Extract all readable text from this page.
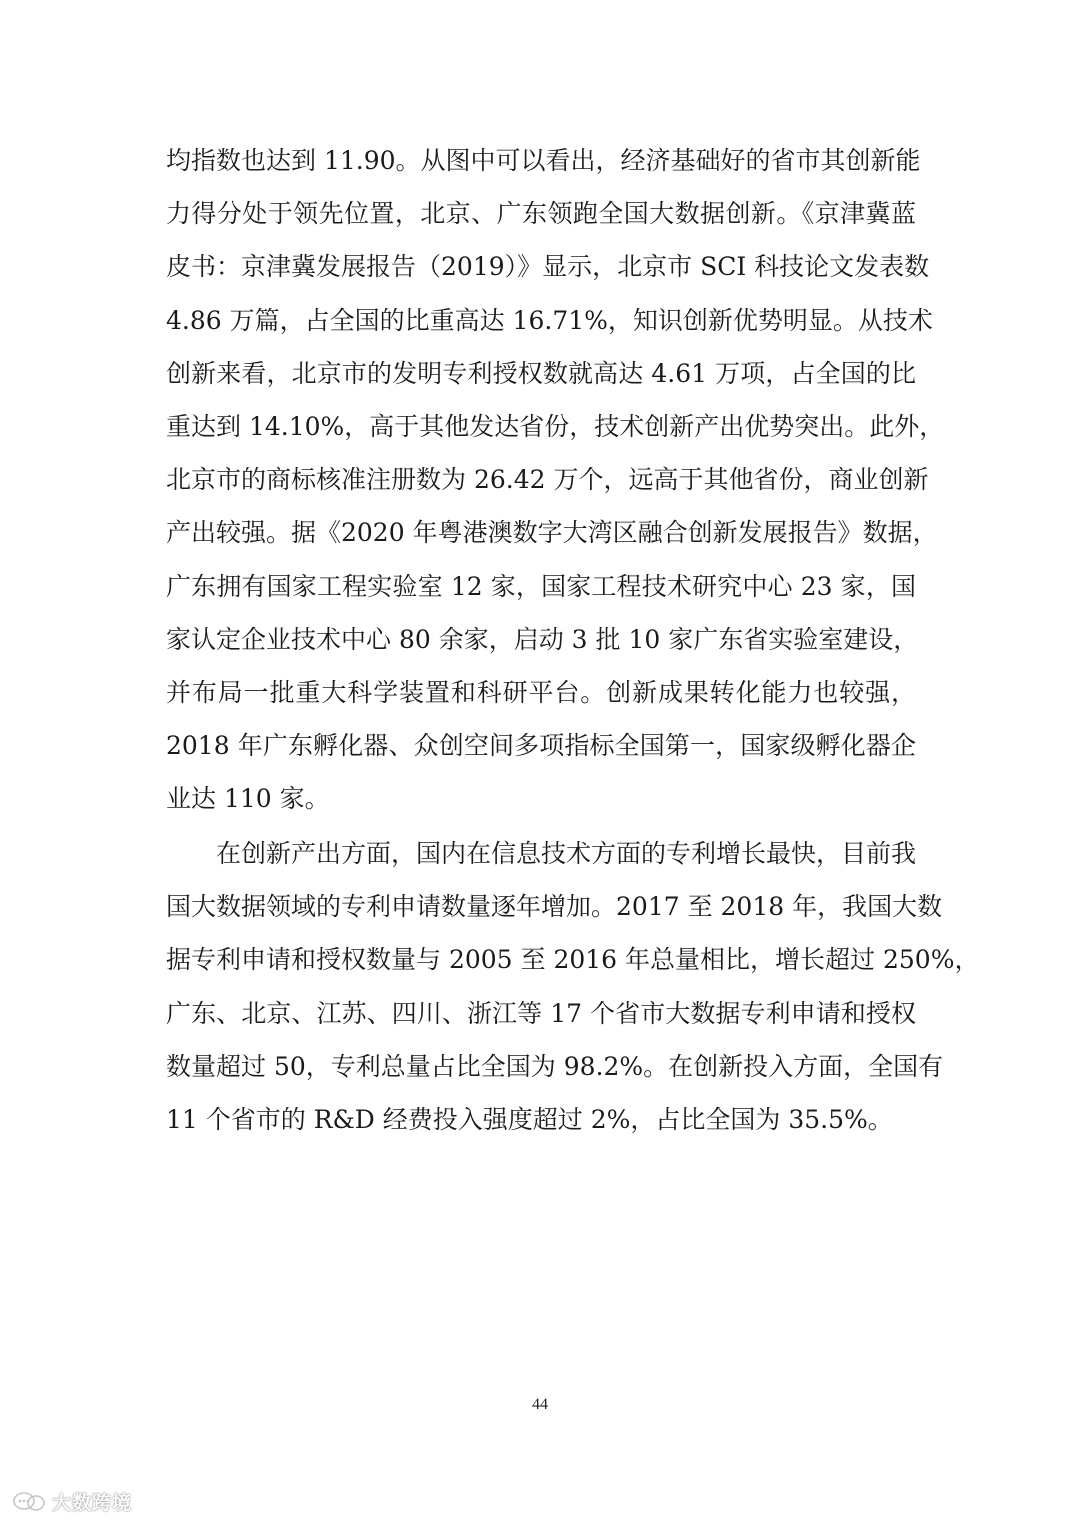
均指数也达到 11.90。从图中可以看出，经济基础好的省市其创新能
力得分处于领先位置，北京、广东领跑全国大数据创新。《京津冀蓝
皮书：京津冀发展报告（2019）》显示，北京市 SCI 科技论文发表数
4.86 万篇，占全国的比重高达 16.71%，知识创新优势明显。从技术
创新来看，北京市的发明专利授权数就高达 4.61 万项，占全国的比
重达到 14.10%，高于其他发达省份，技术创新产出优势突出。此外，
北京市的商标核准注册数为 26.42 万个，远高于其他省份，商业创新
产出较强。据《2020 年粤港澳数字大湾区融合创新发展报告》数据，
广东拥有国家工程实验室 12 家，国家工程技术研究中心 23 家，国
家认定企业技术中心 80 余家，启动 3 批 10 家广东省实验室建设，
并布局一批重大科学装置和科研平台。创新成果转化能力也较强，
2018 年广东孵化器、众创空间多项指标全国第一，国家级孵化器企
业达 110 家。
在创新产出方面，国内在信息技术方面的专利增长最快，目前我
国大数据领域的专利申请数量逐年增加。2017 至 2018 年，我国大数
据专利申请和授权数量与 2005 至 2016 年总量相比，增长超过 250%，
广东、北京、江苏、四川、浙江等 17 个省市大数据专利申请和授权
数量超过 50，专利总量占比全国为 98.2%。在创新投入方面，全国有
11 个省市的 R&D 经费投入强度超过 2%，占比全国为 35.5%。
44
大数跨境
